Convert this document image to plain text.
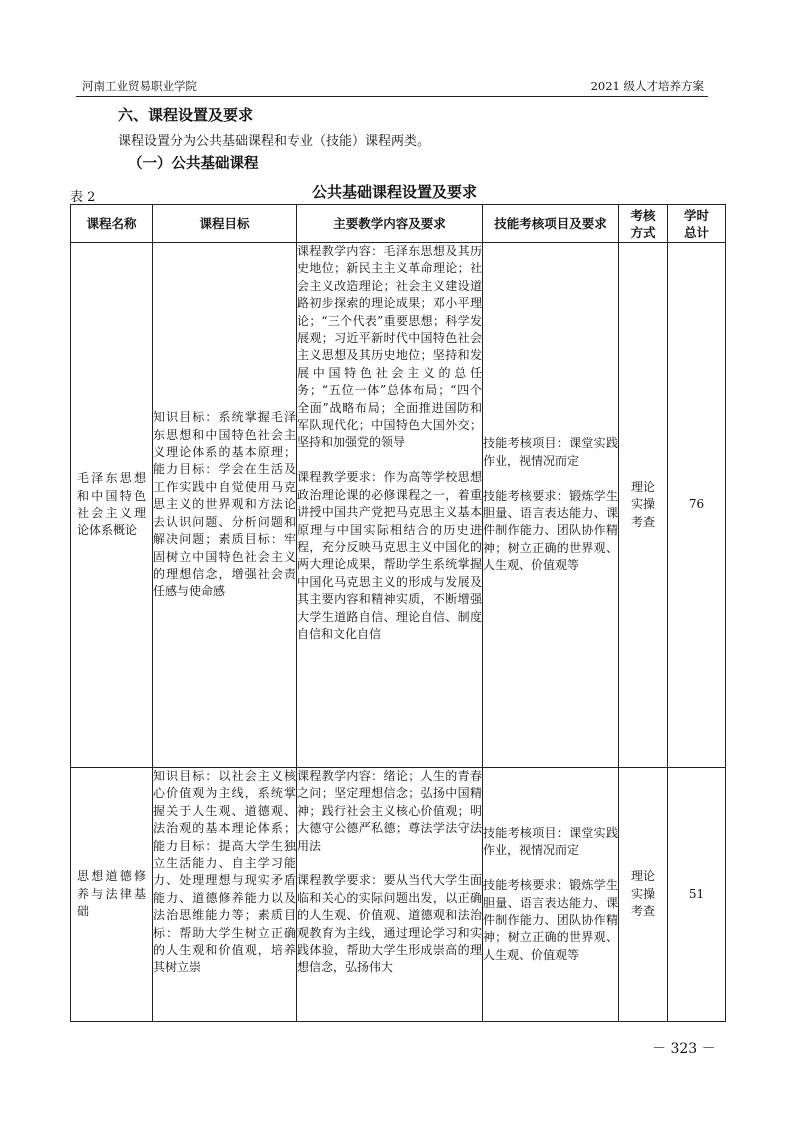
河南工业贸易职业学院	2021 级人才培养方案
六、课程设置及要求
课程设置分为公共基础课程和专业（技能）课程两类。
（一）公共基础课程
表 2	公共基础课程设置及要求
课程名称	课程目标	主要教学内容及要求	技能考核项目及要求	考核方式	学时总计
毛泽东思想和中国特色社会主义理论体系概论	知识目标：系统掌握毛泽东思想和中国特色社会主义理论体系的基本原理；能力目标：学会在生活及工作实践中自觉使用马克思主义的世界观和方法论去认识问题、分析问题和解决问题；素质目标：牢固树立中国特色社会主义的理想信念，增强社会责任感与使命感	课程教学内容：毛泽东思想及其历史地位；新民主主义革命理论；社会主义改造理论；社会主义建设道路初步探索的理论成果；邓小平理论；“三个代表”重要思想；科学发展观；习近平新时代中国特色社会主义思想及其历史地位；坚持和发展中国特色社会主义的总任务；“五位一体”总体布局；“四个全面”战略布局；全面推进国防和军队现代化；中国特色大国外交；坚持和加强党的领导

课程教学要求：作为高等学校思想政治理论课的必修课程之一，着重讲授中国共产党把马克思主义基本原理与中国实际相结合的历史进程，充分反映马克思主义中国化的两大理论成果，帮助学生系统掌握中国化马克思主义的形成与发展及其主要内容和精神实质，不断增强大学生道路自信、理论自信、制度自信和文化自信	技能考核项目：课堂实践作业，视情况而定

技能考核要求：锻炼学生胆量、语言表达能力、课件制作能力、团队协作精神；树立正确的世界观、人生观、价值观等	理论实操考查	76
思想道德修养与法律基础	知识目标：以社会主义核心价值观为主线，系统掌握关于人生观、道德观、法治观的基本理论体系；能力目标：提高大学生独立生活能力、自主学习能力、处理理想与现实矛盾能力、道德修养能力以及法治思维能力等；素质目标：帮助大学生树立正确的人生观和价值观，培养其树立崇	课程教学内容：绪论；人生的青春之问；坚定理想信念；弘扬中国精神；践行社会主义核心价值观；明大德守公德严私德；尊法学法守法用法

课程教学要求：要从当代大学生面临和关心的实际问题出发，以正确的人生观、价值观、道德观和法治观教育为主线，通过理论学习和实践体验，帮助大学生形成崇高的理想信念，弘扬伟大	技能考核项目：课堂实践作业，视情况而定

技能考核要求：锻炼学生胆量、语言表达能力、课件制作能力、团队协作精神；树立正确的世界观、人生观、价值观等	理论实操考查	51
－ 323 －
